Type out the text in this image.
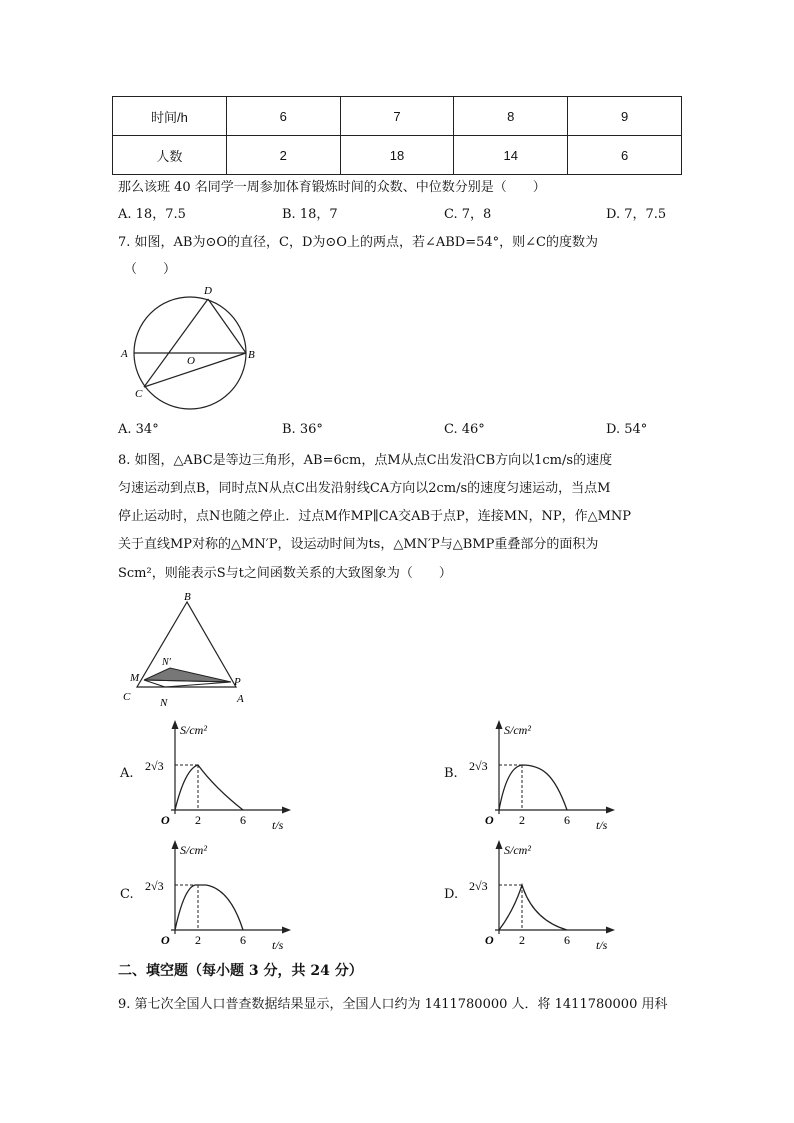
时间/h	6	7	8	9
人数	2	18	14	6
那么该班 40 名同学一周参加体育锻炼时间的众数、中位数分别是（　　）
A. 18，7.5	B. 18，7	C. 7，8	D. 7，7.5
7. 如图，AB为⊙O的直径，C，D为⊙O上的两点，若∠ABD=54°，则∠C的度数为
（　　）
A	B
C
D
O
A. 34°	B. 36°	C. 46°	D. 54°
8. 如图，△ABC是等边三角形，AB=6cm，点M从点C出发沿CB方向以1cm/s的速度
匀速运动到点B，同时点N从点C出发沿射线CA方向以2cm/s的速度匀速运动，当点M
停止运动时，点N也随之停止．过点M作MP∥CA交AB于点P，连接MN，NP，作△MNP
关于直线MP对称的△MN′P，设运动时间为ts，△MN′P与△BMP重叠部分的面积为
Scm²，则能表示S与t之间函数关系的大致图象为（　　）
B
M
N′
P
C	A
N
A.	B.
C.	D.
S/cm²
t/s
O
2√3
2	6
S/cm²
t/s
O
2√3
2	6
S/cm²
t/s
O
2√3
2	6
S/cm²
t/s
O
2√3
2	6
二、填空题（每小题 3 分，共 24 分）
9. 第七次全国人口普查数据结果显示，全国人口约为 1411780000 人．将 1411780000 用科
